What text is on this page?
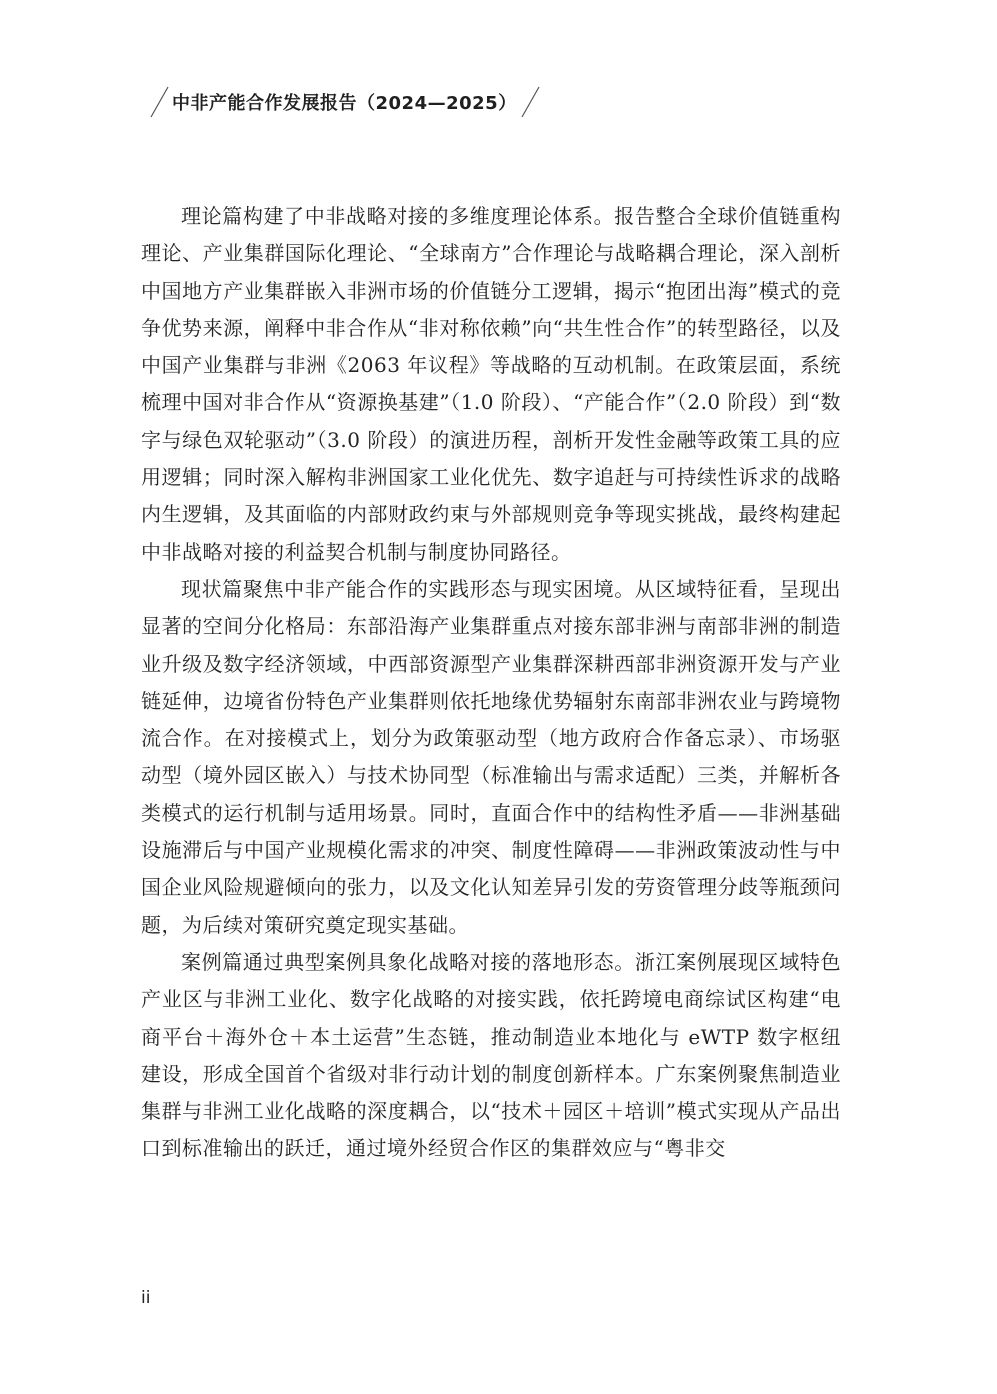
中非产能合作发展报告（2024—2025）

理论篇构建了中非战略对接的多维度理论体系。报告整合全球价值链重构理论、产业集群国际化理论、“全球南方”合作理论与战略耦合理论，深入剖析中国地方产业集群嵌入非洲市场的价值链分工逻辑，揭示“抱团出海”模式的竞争优势来源，阐释中非合作从“非对称依赖”向“共生性合作”的转型路径，以及中国产业集群与非洲《2063 年议程》等战略的互动机制。在政策层面，系统梳理中国对非合作从“资源换基建”（1.0 阶段）、“产能合作”（2.0 阶段）到“数字与绿色双轮驱动”（3.0 阶段）的演进历程，剖析开发性金融等政策工具的应用逻辑；同时深入解构非洲国家工业化优先、数字追赶与可持续性诉求的战略内生逻辑，及其面临的内部财政约束与外部规则竞争等现实挑战，最终构建起中非战略对接的利益契合机制与制度协同路径。

现状篇聚焦中非产能合作的实践形态与现实困境。从区域特征看，呈现出显著的空间分化格局：东部沿海产业集群重点对接东部非洲与南部非洲的制造业升级及数字经济领域，中西部资源型产业集群深耕西部非洲资源开发与产业链延伸，边境省份特色产业集群则依托地缘优势辐射东南部非洲农业与跨境物流合作。在对接模式上，划分为政策驱动型（地方政府合作备忘录）、市场驱动型（境外园区嵌入）与技术协同型（标准输出与需求适配）三类，并解析各类模式的运行机制与适用场景。同时，直面合作中的结构性矛盾——非洲基础设施滞后与中国产业规模化需求的冲突、制度性障碍——非洲政策波动性与中国企业风险规避倾向的张力，以及文化认知差异引发的劳资管理分歧等瓶颈问题，为后续对策研究奠定现实基础。

案例篇通过典型案例具象化战略对接的落地形态。浙江案例展现区域特色产业区与非洲工业化、数字化战略的对接实践，依托跨境电商综试区构建“电商平台＋海外仓＋本土运营”生态链，推动制造业本地化与 eWTP 数字枢纽建设，形成全国首个省级对非行动计划的制度创新样本。广东案例聚焦制造业集群与非洲工业化战略的深度耦合，以“技术＋园区＋培训”模式实现从产品出口到标准输出的跃迁，通过境外经贸合作区的集群效应与“粤非交

ii
